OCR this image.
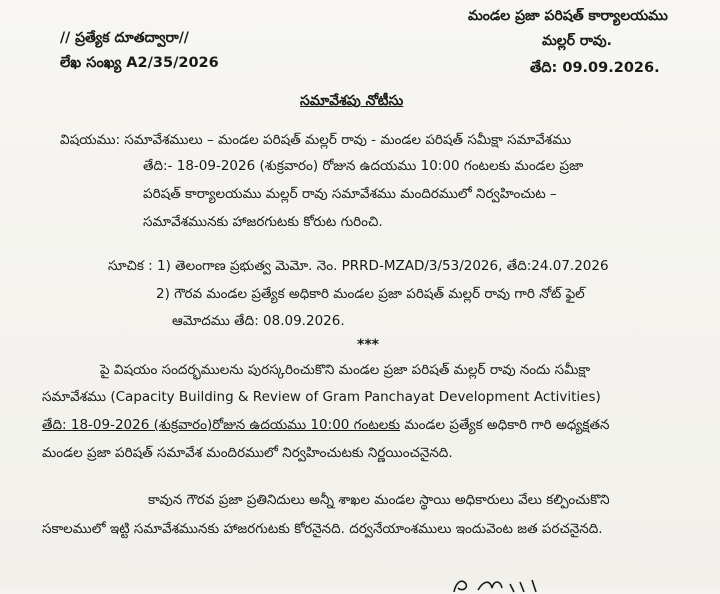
// ప్రత్యేక దూతద్వారా//
లేఖ సంఖ్య A2/35/2026
మండల ప్రజా పరిషత్ కార్యాలయము
మల్లర్ రావు.
తేది: 09.09.2026.
సమావేశపు నోటీసు
విషయము: సమావేశములు – మండల పరిషత్ మల్లర్ రావు - మండల పరిషత్ సమీక్షా సమావేశము
తేది:- 18-09-2026 (శుక్రవారం) రోజున ఉదయము 10:00 గంటలకు మండల ప్రజా
పరిషత్ కార్యాలయము మల్లర్ రావు సమావేశము మందిరములో నిర్వహించుట –
సమావేశమునకు హాజరగుటకు కోరుట గురించి.
సూచిక : 1) తెలంగాణ ప్రభుత్వ మెమో. నెం. PRRD-MZAD/3/53/2026, తేది:24.07.2026
2) గౌరవ మండల ప్రత్యేక అధికారి మండల ప్రజా పరిషత్ మల్లర్ రావు గారి నోట్ ఫైల్
ఆమోదము తేది: 08.09.2026.
***
పై విషయం సందర్భములను పురస్కరించుకొని మండల ప్రజా పరిషత్ మల్లర్ రావు నందు సమీక్షా
సమావేశము (Capacity Building & Review of Gram Panchayat Development Activities)
తేది: 18-09-2026 (శుక్రవారం)రోజున ఉదయము 10:00 గంటలకు మండల ప్రత్యేక అధికారి గారి అధ్యక్షతన
మండల ప్రజా పరిషత్ సమావేశ మందిరములో నిర్వహించుటకు నిర్ణయించనైనది.
కావున గౌరవ ప్రజా ప్రతినిదులు అన్నీ శాఖల మండల స్థాయి అధికారులు వేలు కల్పించుకొని
సకాలములో ఇట్టి సమావేశమునకు హాజరగుటకు కోరనైనది. దర్వనేయాంశములు ఇందువెంట జత పరచనైనది.
